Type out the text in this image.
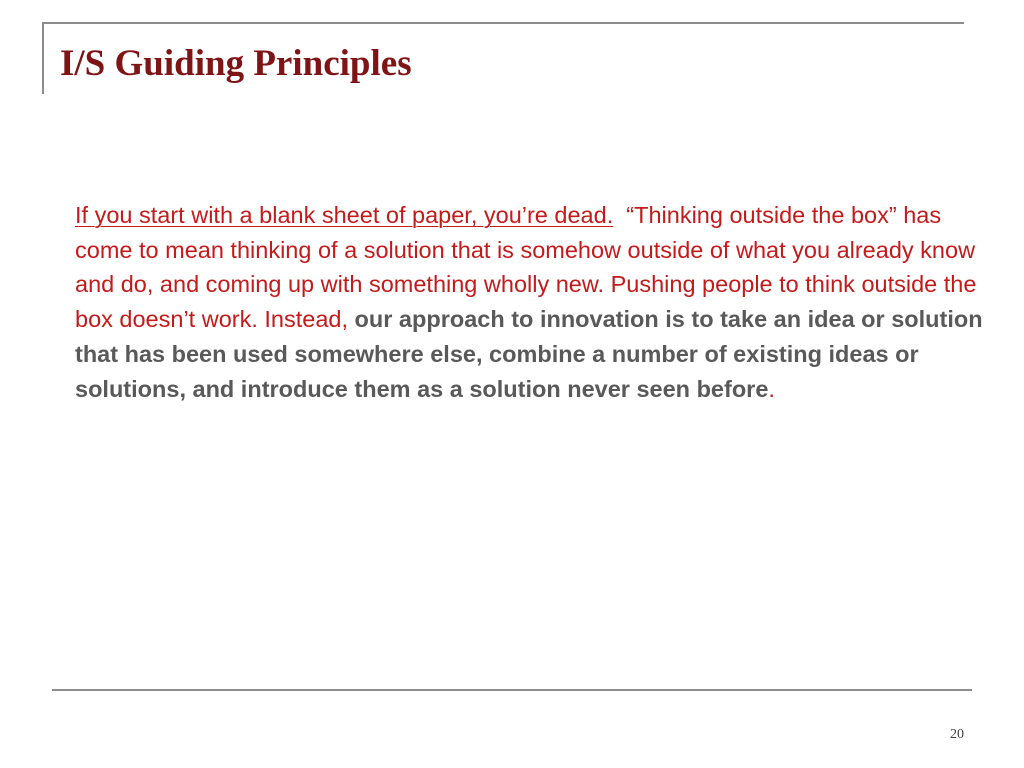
I/S Guiding Principles

If you start with a blank sheet of paper, you’re dead. “Thinking outside the box” has come to mean thinking of a solution that is somehow outside of what you already know and do, and coming up with something wholly new. Pushing people to think outside the box doesn’t work. Instead, our approach to innovation is to take an idea or solution that has been used somewhere else, combine a number of existing ideas or solutions, and introduce them as a solution never seen before.

20
